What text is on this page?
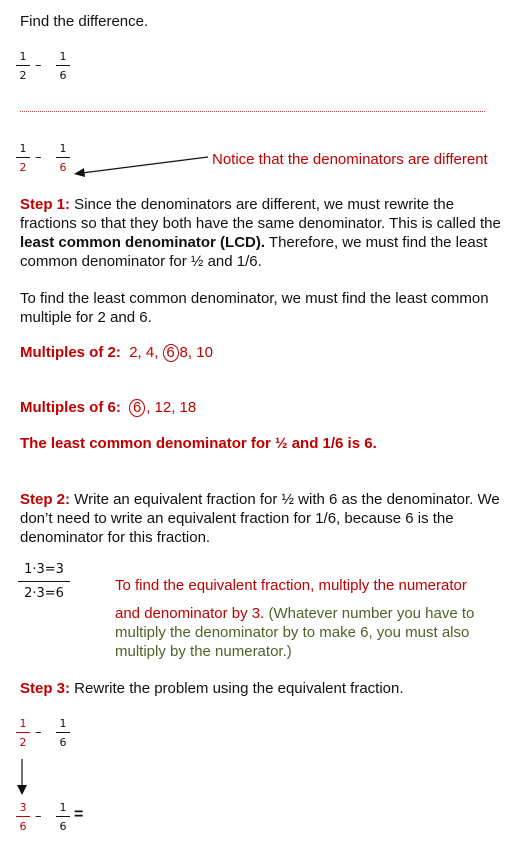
Find the difference.
1
2
–
1
6
1
2
–
1
6	Notice that the denominators are different
Step 1: Since the denominators are different, we must rewrite the fractions so that they both have the same denominator. This is called the least common denominator (LCD). Therefore, we must find the least common denominator for ½ and 1/6.
To find the least common denominator, we must find the least common multiple for 2 and 6.
Multiples of 2: 2, 4, 6 8, 10
Multiples of 6: 6 , 12, 18
The least common denominator for ½ and 1/6 is 6.
Step 2: Write an equivalent fraction for ½ with 6 as the denominator. We don’t need to write an equivalent fraction for 1/6, because 6 is the denominator for this fraction.
1·3=3
2·3=6	To find the equivalent fraction, multiply the numerator
and denominator by 3. (Whatever number you have to multiply the denominator by to make 6, you must also multiply by the numerator.)
Step 3: Rewrite the problem using the equivalent fraction.
1
2
–
1
6
3
6
–
1
6
=
